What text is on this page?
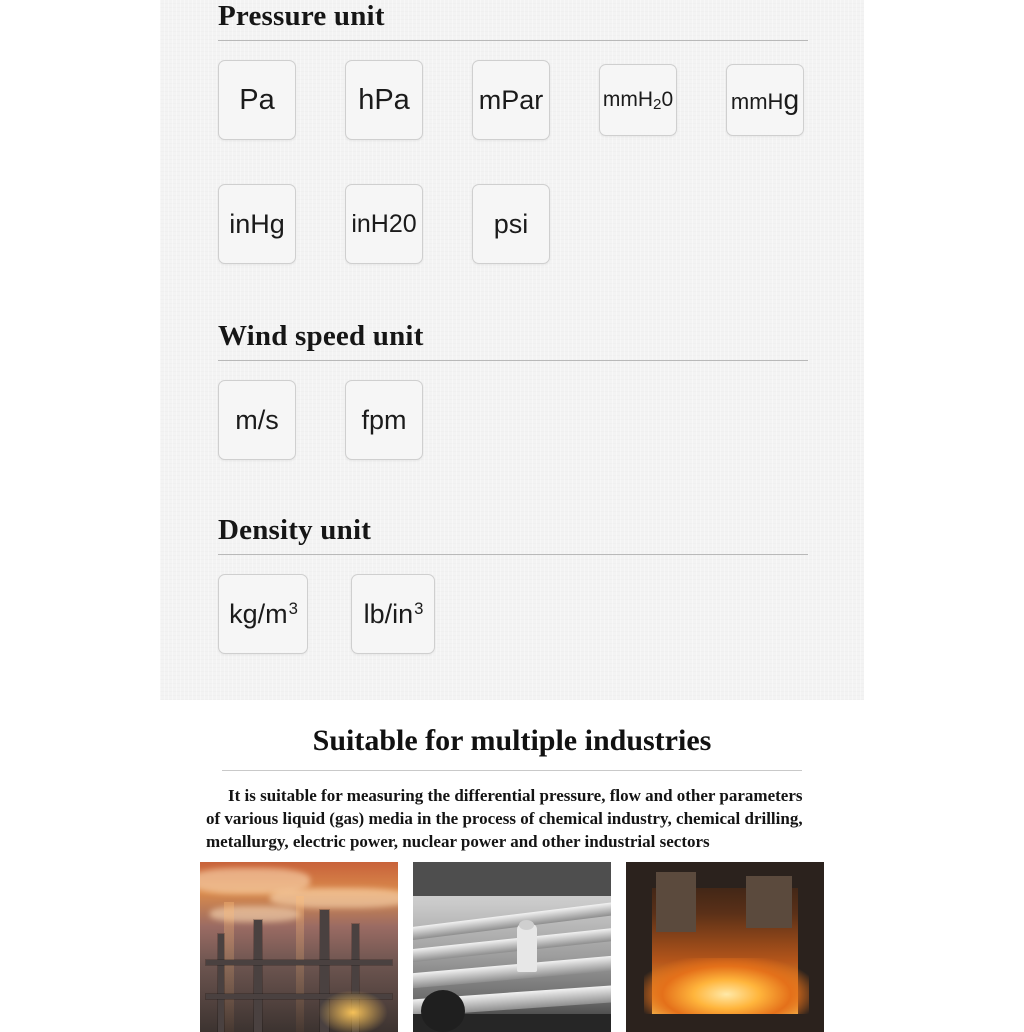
Pressure unit
Pa	hPa	mPar	mmH$_2$0	mmHg
inHg	inH20	psi
Wind speed unit
m/s	fpm
Density unit
$kg/m^3$ $lb/in^3$
Suitable for multiple industries
It is suitable for measuring the differential pressure, flow and other parameters of various liquid (gas) media in the process of chemical industry, chemical drilling, metallurgy, electric power, nuclear power and other industrial sectors
